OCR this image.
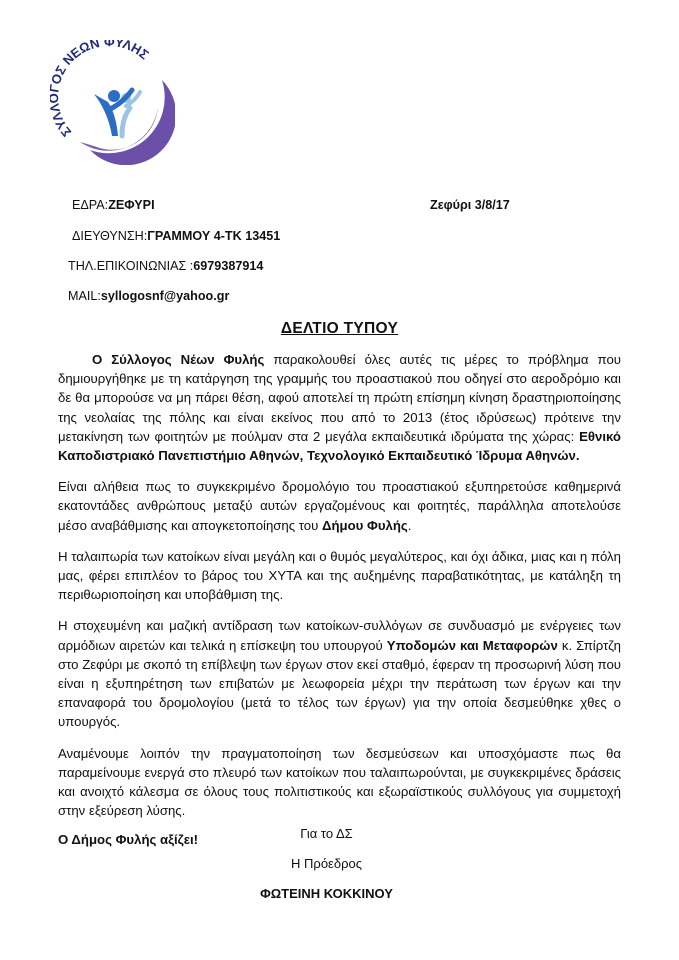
ΣΥΛ Σ ΝΕΩΝ ΦΥΛΗΣ
ΕΔΡΑ:ΖΕΦΥΡΙ	Ζεφύρι 3/8/17
ΔΙΕΥΘΥΝΣΗ:ΓΡΑΜΜΟΥ 4-ΤΚ 13451
ΤΗΛ.ΕΠΙΚΟΙΝΩΝΙΑΣ :6979387914
MAIL:syllogosnf@yahoo.gr
ΔΕΛΤΙΟ ΤΥΠΟΥ

Ο Σύλλογος Νέων Φυλής παρακολουθεί όλες αυτές τις μέρες το πρόβλημα που δημιουργήθηκε με τη κατάργηση της γραμμής του προαστιακού που οδηγεί στο αεροδρόμιο και δε θα μπορούσε να μη πάρει θέση, αφού αποτελεί τη πρώτη επίσημη κίνηση δραστηριοποίησης της νεολαίας της πόλης και είναι εκείνος που από το 2013 (έτος ιδρύσεως) πρότεινε την μετακίνηση των φοιτητών με πούλμαν στα 2 μεγάλα εκπαιδευτικά ιδρύματα της χώρας: Εθνικό Καποδιστριακό Πανεπιστήμιο Αθηνών, Τεχνολογικό Εκπαιδευτικό Ίδρυμα Αθηνών.

Είναι αλήθεια πως το συγκεκριμένο δρομολόγιο του προαστιακού εξυπηρετούσε καθημερινά εκατοντάδες ανθρώπους μεταξύ αυτών εργαζομένους και φοιτητές, παράλληλα αποτελούσε μέσο αναβάθμισης και απογκετοποίησης του Δήμου Φυλής.

Η ταλαιπωρία των κατοίκων είναι μεγάλη και ο θυμός μεγαλύτερος, και όχι άδικα, μιας και η πόλη μας, φέρει επιπλέον το βάρος του ΧΥΤΑ και της αυξημένης παραβατικότητας, με κατάληξη τη περιθωριοποίηση και υποβάθμιση της.

Η στοχευμένη και μαζική αντίδραση των κατοίκων-συλλόγων σε συνδυασμό με ενέργειες των αρμόδιων αιρετών και τελικά η επίσκεψη του υπουργού Υποδομών και Μεταφορών κ. Σπίρτζη στο Ζεφύρι με σκοπό τη επίβλεψη των έργων στον εκεί σταθμό, έφεραν τη προσωρινή λύση που είναι η εξυπηρέτηση των επιβατών με λεωφορεία μέχρι την περάτωση των έργων και την επαναφορά του δρομολογίου (μετά το τέλος των έργων) για την οποία δεσμεύθηκε χθες ο υπουργός.

Αναμένουμε λοιπόν την πραγματοποίηση των δεσμεύσεων και υποσχόμαστε πως θα παραμείνουμε ενεργά στο πλευρό των κατοίκων που ταλαιπωρούνται, με συγκεκριμένες δράσεις και ανοιχτό κάλεσμα σε όλους τους πολιτιστικούς και εξωραϊστικούς συλλόγους για συμμετοχή στην εξεύρεση λύσης.

Ο Δήμος Φυλής αξίζει!	Για το ΔΣ
Η Πρόεδρος
ΦΩΤΕΙΝΗ ΚΟΚΚΙΝΟΥ
